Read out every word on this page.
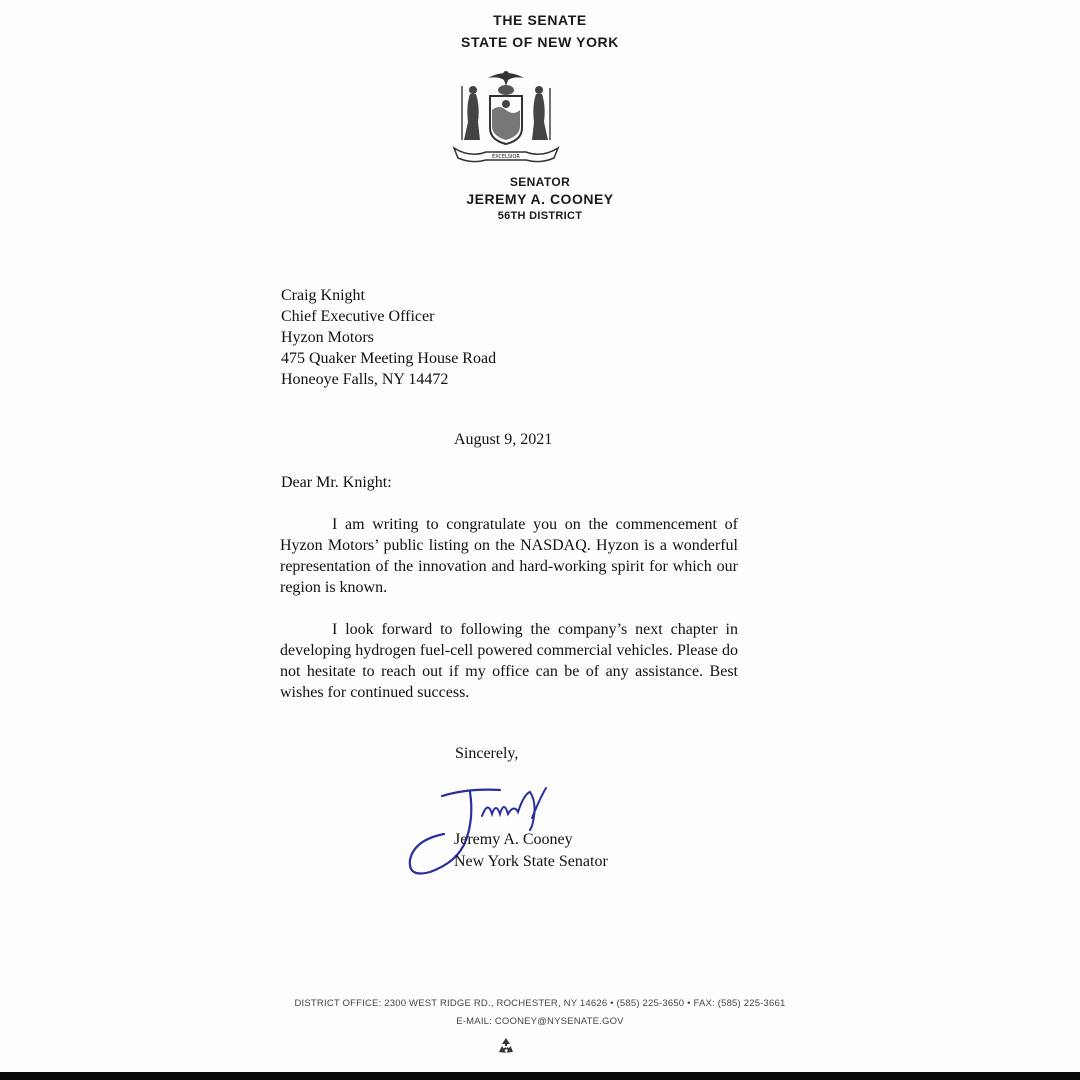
THE SENATE
STATE OF NEW YORK
EXCELSIOR
SENATOR
JEREMY A. COONEY
56TH DISTRICT
Craig Knight
Chief Executive Officer
Hyzon Motors
475 Quaker Meeting House Road
Honeoye Falls, NY 14472
August 9, 2021
Dear Mr. Knight:

I am writing to congratulate you on the commencement of Hyzon Motors’ public listing on the NASDAQ. Hyzon is a wonderful representation of the innovation and hard-working spirit for which our region is known.

I look forward to following the company’s next chapter in developing hydrogen fuel-cell powered commercial vehicles. Please do not hesitate to reach out if my office can be of any assistance. Best wishes for continued success.

Sincerely,
Jeremy A. Cooney
New York State Senator
DISTRICT OFFICE: 2300 WEST RIDGE RD., ROCHESTER, NY 14626 • (585) 225-3650 • FAX: (585) 225-3661
E-MAIL: COONEY@NYSENATE.GOV
